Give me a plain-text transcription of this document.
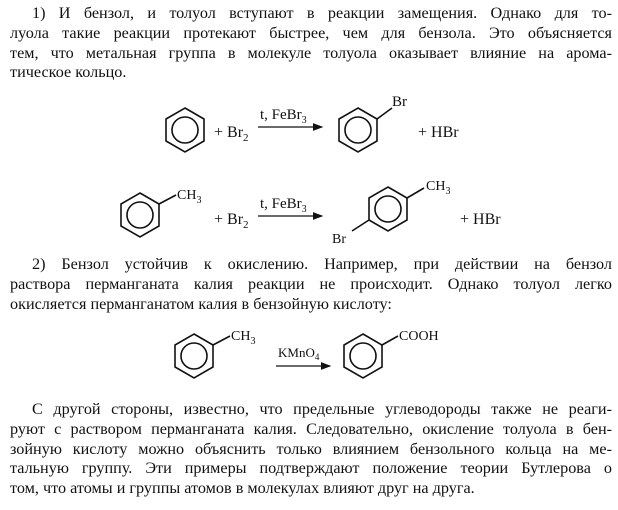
1) И бензол, и толуол вступают в реакции замещения. Однако для то-
луола такие реакции протекают быстрее, чем для бензола. Это объясняется
тем, что метальная группа в молекуле толуола оказывает влияние на арома-
тическое кольцо.
+ $Br_2$
t, FeBr$_3$
Br
+ HBr
$CH_3$
+ $Br_2$
t, FeBr$_3$
$CH_3$
Br
+ HBr
$CH_3$
KMnO$_4$
COOH
2) Бензол устойчив к окислению. Например, при действии на бензол
раствора перманганата калия реакции не происходит. Однако толуол легко
окисляется перманганатом калия в бензойную кислоту:
С другой стороны, известно, что предельные углеводороды также не реаги-
руют с раствором перманганата калия. Следовательно, окисление толуола в бен-
зойную кислоту можно объяснить только влиянием бензольного кольца на ме-
тальную группу. Эти примеры подтверждают положение теории Бутлерова о
том, что атомы и группы атомов в молекулах влияют друг на друга.
